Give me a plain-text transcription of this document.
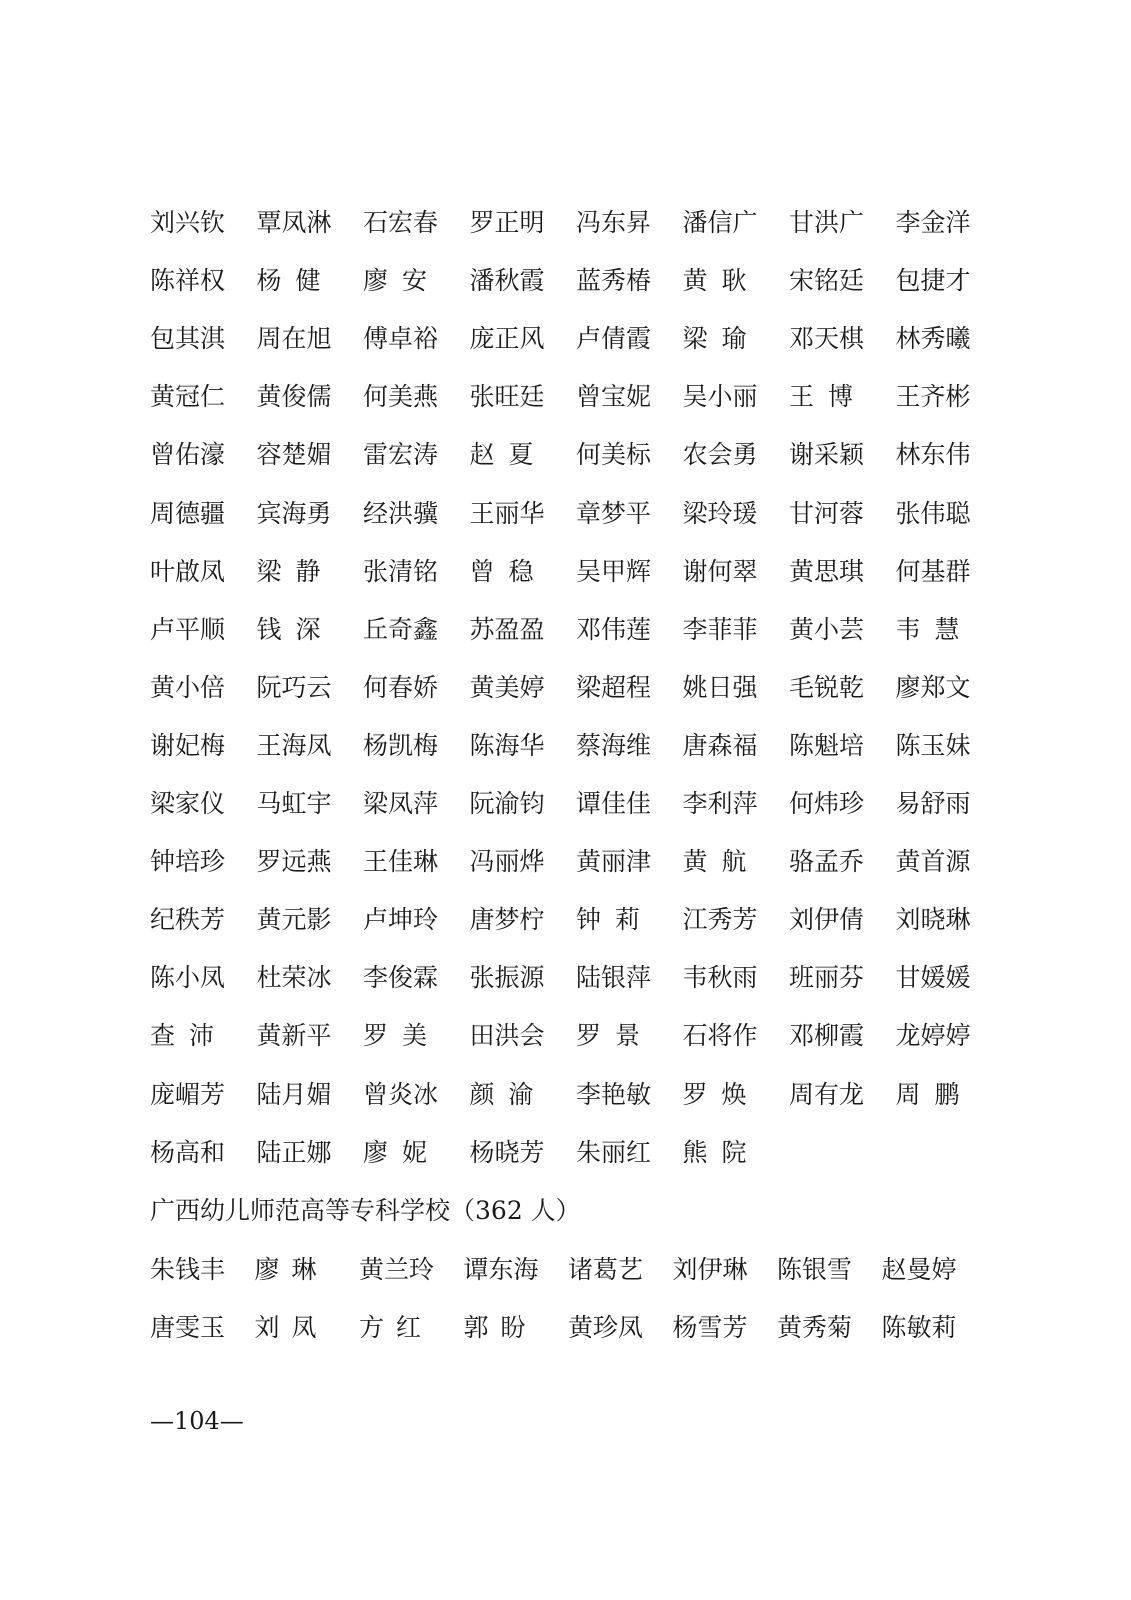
刘兴钦 覃凤淋 石宏春 罗正明 冯东昇 潘信广 甘洪广 李金洋
陈祥权 杨健 廖安 潘秋霞 蓝秀椿 黄耿 宋铭廷 包捷才
包其淇 周在旭 傅卓裕 庞正风 卢倩霞 梁瑜 邓天棋 林秀曦
黄冠仁 黄俊儒 何美燕 张旺廷 曾宝妮 吴小丽 王博 王齐彬
曾佑濠 容楚媚 雷宏涛 赵夏 何美标 农会勇 谢采颖 林东伟
周德疆 宾海勇 经洪骥 王丽华 章梦平 梁玲瑗 甘河蓉 张伟聪
叶啟凤 梁静 张清铭 曾稳 吴甲辉 谢何翠 黄思琪 何基群
卢平顺 钱深 丘奇鑫 苏盈盈 邓伟莲 李菲菲 黄小芸 韦慧
黄小倍 阮巧云 何春娇 黄美婷 梁超程 姚日强 毛锐乾 廖郑文
谢妃梅 王海凤 杨凯梅 陈海华 蔡海维 唐森福 陈魁培 陈玉妹
梁家仪 马虹宇 梁凤萍 阮渝钧 谭佳佳 李利萍 何炜珍 易舒雨
钟培珍 罗远燕 王佳琳 冯丽烨 黄丽津 黄航 骆孟乔 黄首源
纪秩芳 黄元影 卢坤玲 唐梦柠 钟莉 江秀芳 刘伊倩 刘晓琳
陈小凤 杜荣冰 李俊霖 张振源 陆银萍 韦秋雨 班丽芬 甘媛媛
查沛 黄新平 罗美 田洪会 罗景 石将作 邓柳霞 龙婷婷
庞嵋芳 陆月媚 曾炎冰 颜渝 李艳敏 罗焕 周有龙 周鹏
杨高和 陆正娜 廖妮 杨晓芳 朱丽红 熊院
广西幼儿师范高等专科学校（362 人）
朱钱丰 廖琳 黄兰玲 谭东海 诸葛艺 刘伊琳 陈银雪 赵曼婷
唐雯玉 刘凤 方红 郭盼 黄珍凤 杨雪芳 黄秀菊 陈敏莉
—104—
